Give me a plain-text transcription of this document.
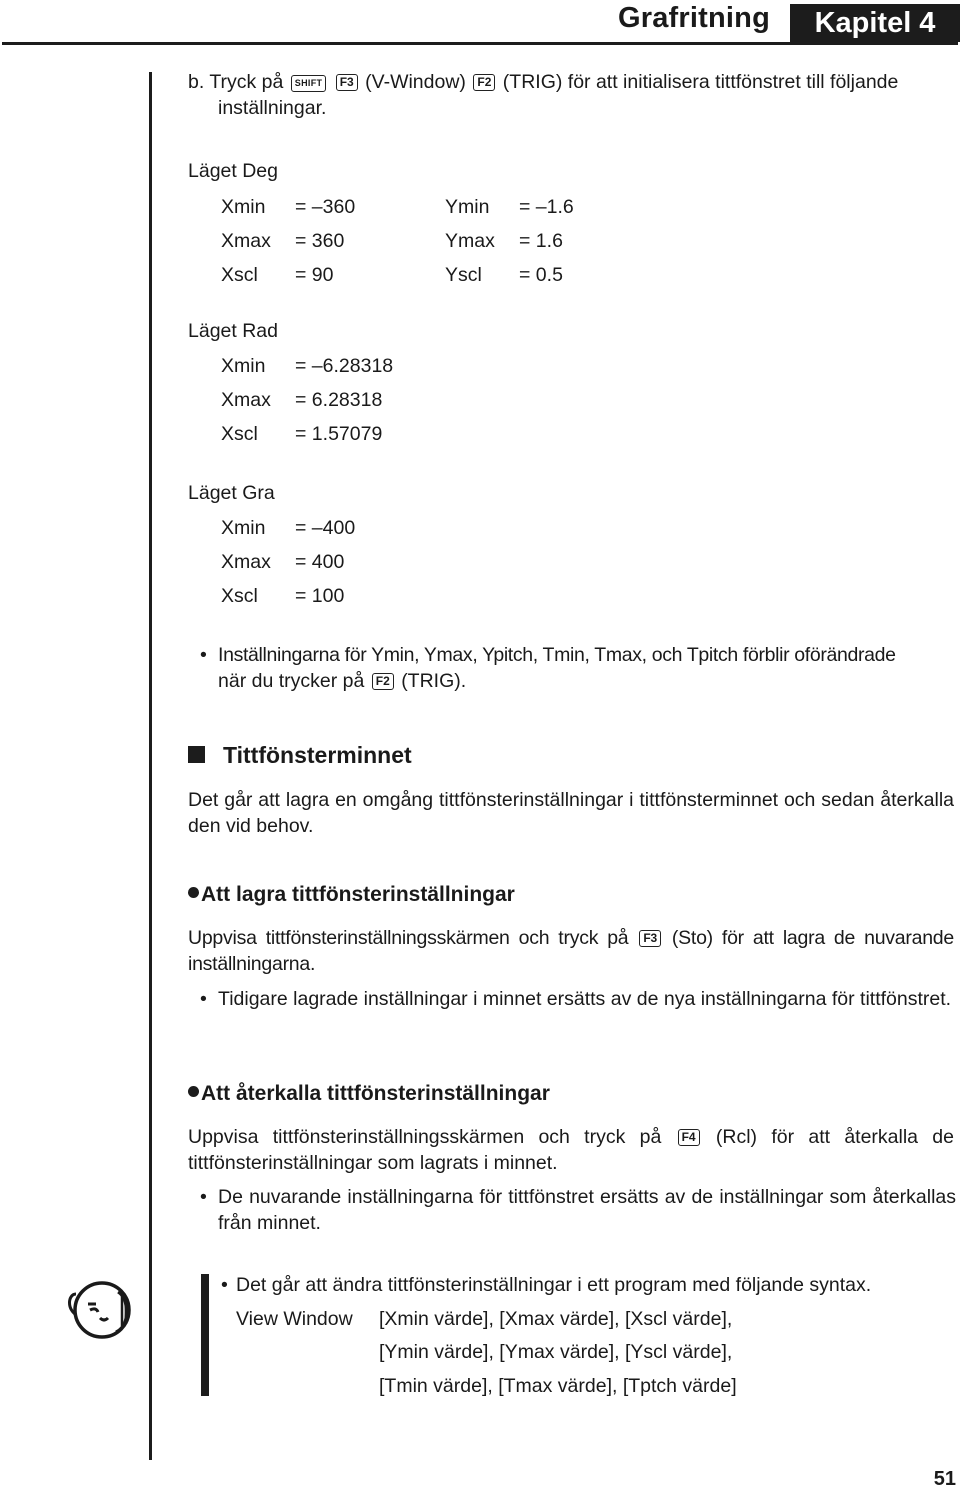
Grafritning	Kapitel 4
b. Tryck på SHIFT F3 (V-Window) F2 (TRIG) för att initialisera tittfönstret till följande
inställningar.
Läget Deg
Xmin	= –360	Ymin	= –1.6
Xmax	= 360	Ymax	= 1.6
Xscl	= 90	Yscl	= 0.5
Läget Rad
Xmin	= –6.28318
Xmax	= 6.28318
Xscl	= 1.57079
Läget Gra
Xmin	= –400
Xmax	= 400
Xscl	= 100
• Inställningarna för Ymin, Ymax, Ypitch, Tmin, Tmax, och Tpitch förblir oförändrade
när du trycker på F2 (TRIG).
Tittfönsterminnet
Det går att lagra en omgång tittfönsterinställningar i tittfönsterminnet och sedan återkalla den vid behov.
Att lagra tittfönsterinställningar
Uppvisa tittfönsterinställningsskärmen och tryck på F3 (Sto) för att lagra de nuvarande inställningarna.
• Tidigare lagrade inställningar i minnet ersätts av de nya inställningarna för tittfönstret.
Att återkalla tittfönsterinställningar
Uppvisa tittfönsterinställningsskärmen och tryck på F4 (Rcl) för att återkalla de tittfönsterinställningar som lagrats i minnet.
• De nuvarande inställningarna för tittfönstret ersätts av de inställningar som återkallas från minnet.
• Det går att ändra tittfönsterinställningar i ett program med följande syntax.
View Window [Xmin värde], [Xmax värde], [Xscl värde],
[Ymin värde], [Ymax värde], [Yscl värde],
[Tmin värde], [Tmax värde], [Tptch värde]
51
